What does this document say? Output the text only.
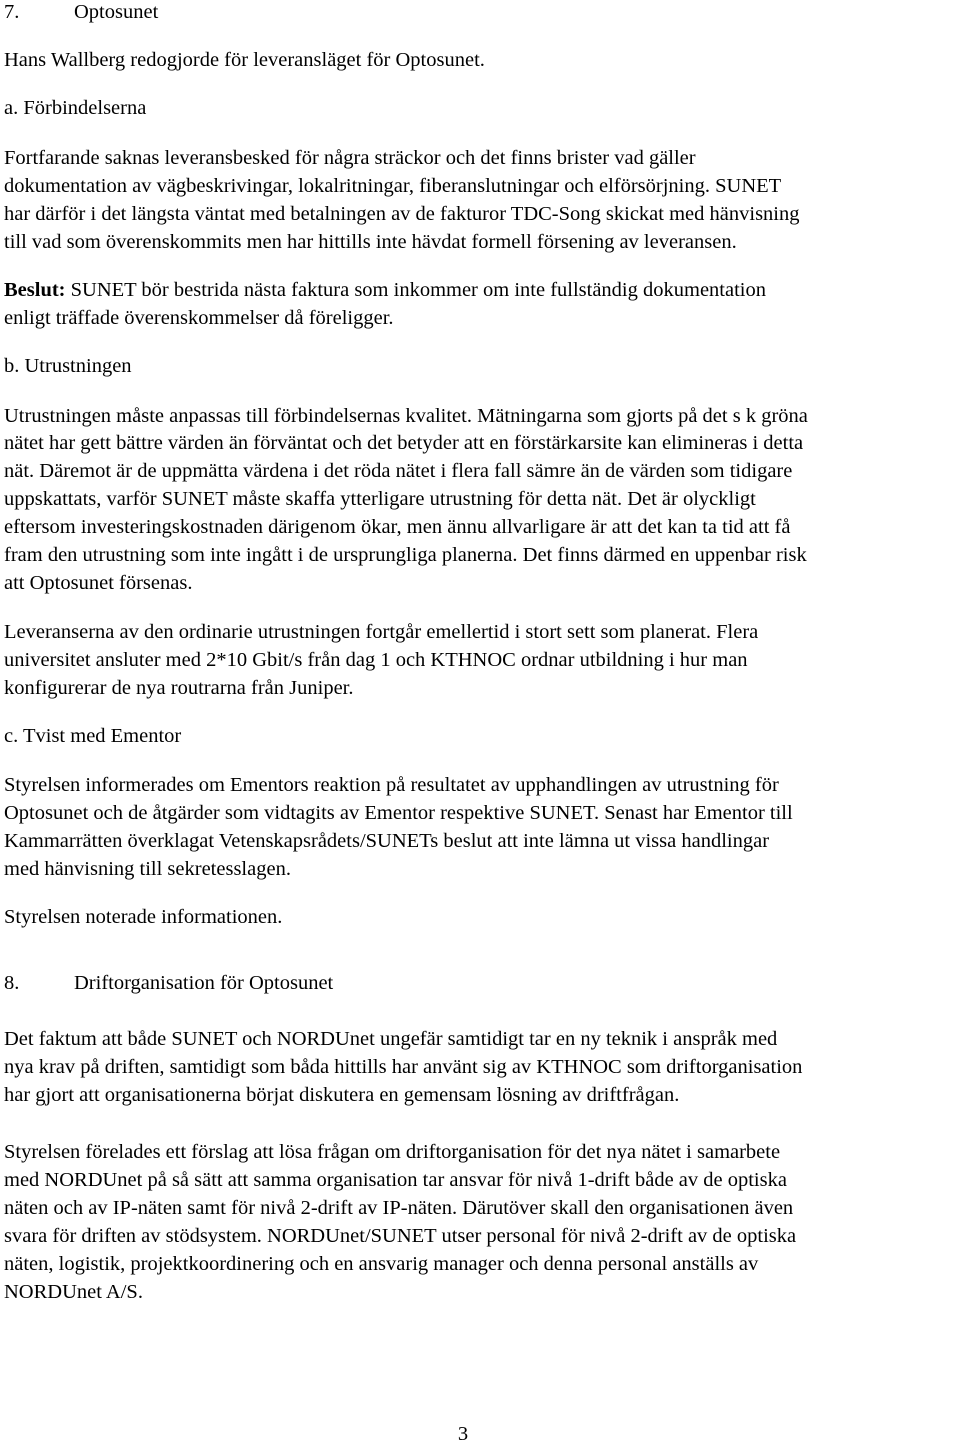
7.	Optosunet

Hans Wallberg redogjorde för leveransläget för Optosunet.

a. Förbindelserna

Fortfarande saknas leveransbesked för några sträckor och det finns brister vad gäller

dokumentation av vägbeskrivingar, lokalritningar, fiberanslutningar och elförsörjning. SUNET

har därför i det längsta väntat med betalningen av de fakturor TDC-Song skickat med hänvisning

till vad som överenskommits men har hittills inte hävdat formell försening av leveransen.

Beslut: SUNET bör bestrida nästa faktura som inkommer om inte fullständig dokumentation

enligt träffade överenskommelser då föreligger.

b. Utrustningen

Utrustningen måste anpassas till förbindelsernas kvalitet. Mätningarna som gjorts på det s k gröna

nätet har gett bättre värden än förväntat och det betyder att en förstärkarsite kan elimineras i detta

nät. Däremot är de uppmätta värdena i det röda nätet i flera fall sämre än de värden som tidigare

uppskattats, varför SUNET måste skaffa ytterligare utrustning för detta nät. Det är olyckligt

eftersom investeringskostnaden därigenom ökar, men ännu allvarligare är att det kan ta tid att få

fram den utrustning som inte ingått i de ursprungliga planerna. Det finns därmed en uppenbar risk

att Optosunet försenas.

Leveranserna av den ordinarie utrustningen fortgår emellertid i stort sett som planerat. Flera

universitet ansluter med 2*10 Gbit/s från dag 1 och KTHNOC ordnar utbildning i hur man

konfigurerar de nya routrarna från Juniper.

c. Tvist med Ementor

Styrelsen informerades om Ementors reaktion på resultatet av upphandlingen av utrustning för

Optosunet och de åtgärder som vidtagits av Ementor respektive SUNET. Senast har Ementor till

Kammarrätten överklagat Vetenskapsrådets/SUNETs beslut att inte lämna ut vissa handlingar

med hänvisning till sekretesslagen.

Styrelsen noterade informationen.

8.	Driftorganisation för Optosunet

Det faktum att både SUNET och NORDUnet ungefär samtidigt tar en ny teknik i anspråk med

nya krav på driften, samtidigt som båda hittills har använt sig av KTHNOC som driftorganisation

har gjort att organisationerna börjat diskutera en gemensam lösning av driftfrågan.

Styrelsen förelades ett förslag att lösa frågan om driftorganisation för det nya nätet i samarbete

med NORDUnet på så sätt att samma organisation tar ansvar för nivå 1-drift både av de optiska

näten och av IP-näten samt för nivå 2-drift av IP-näten. Därutöver skall den organisationen även

svara för driften av stödsystem. NORDUnet/SUNET utser personal för nivå 2-drift av de optiska

näten, logistik, projektkoordinering och en ansvarig manager och denna personal anställs av

NORDUnet A/S.

3
